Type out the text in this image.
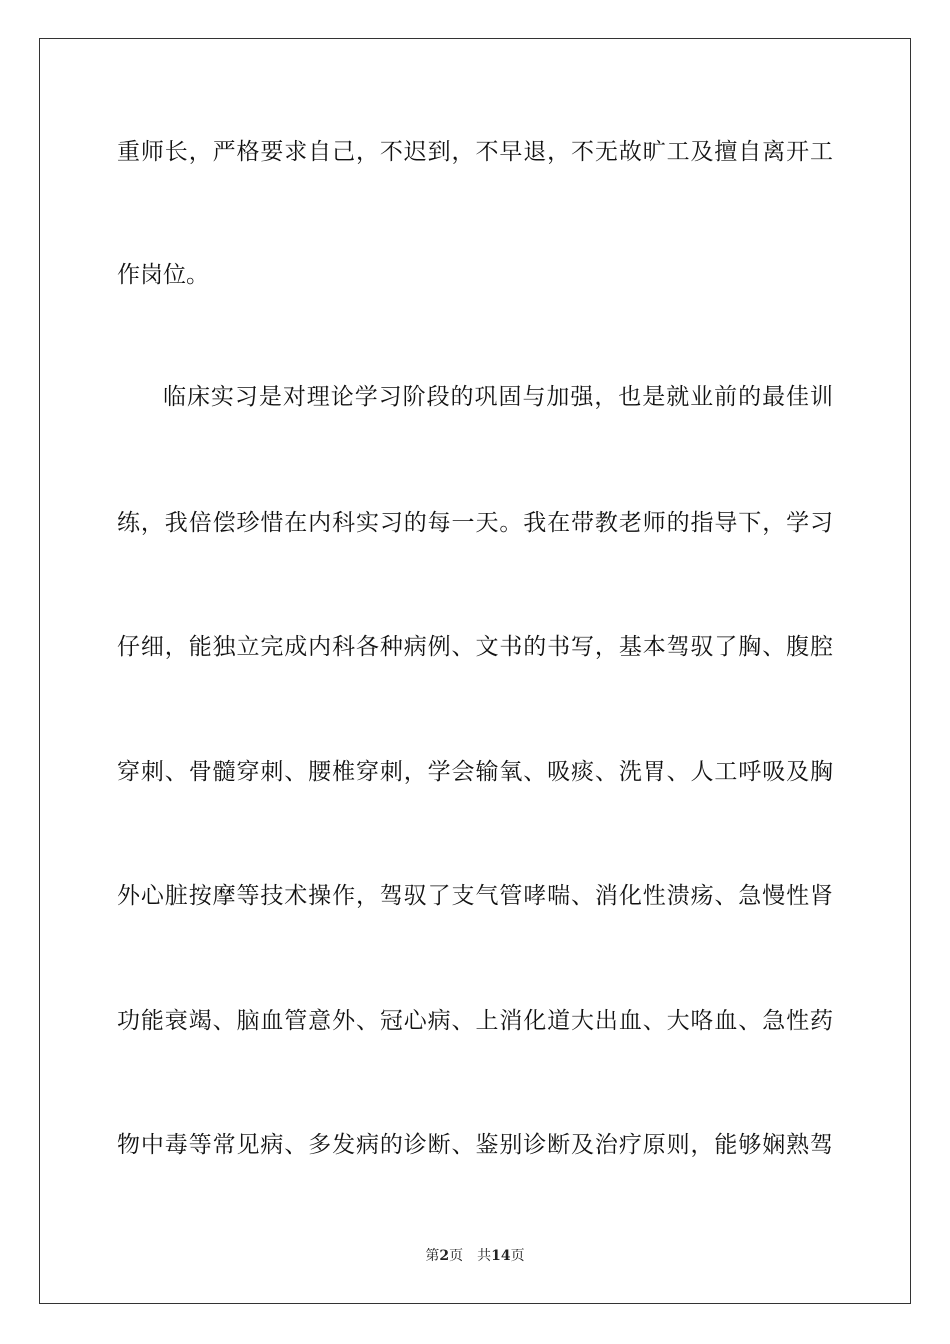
重师长，严格要求自己，不迟到，不早退，不无故旷工及擅自离开工
作岗位。
临床实习是对理论学习阶段的巩固与加强，也是就业前的最佳训
练，我倍偿珍惜在内科实习的每一天。我在带教老师的指导下，学习
仔细，能独立完成内科各种病例、文书的书写，基本驾驭了胸、腹腔
穿刺、骨髓穿刺、腰椎穿刺，学会输氧、吸痰、洗胃、人工呼吸及胸
外心脏按摩等技术操作，驾驭了支气管哮喘、消化性溃疡、急慢性肾
功能衰竭、脑血管意外、冠心病、上消化道大出血、大咯血、急性药
物中毒等常见病、多发病的诊断、鉴别诊断及治疗原则，能够娴熟驾
第2页 共14页
